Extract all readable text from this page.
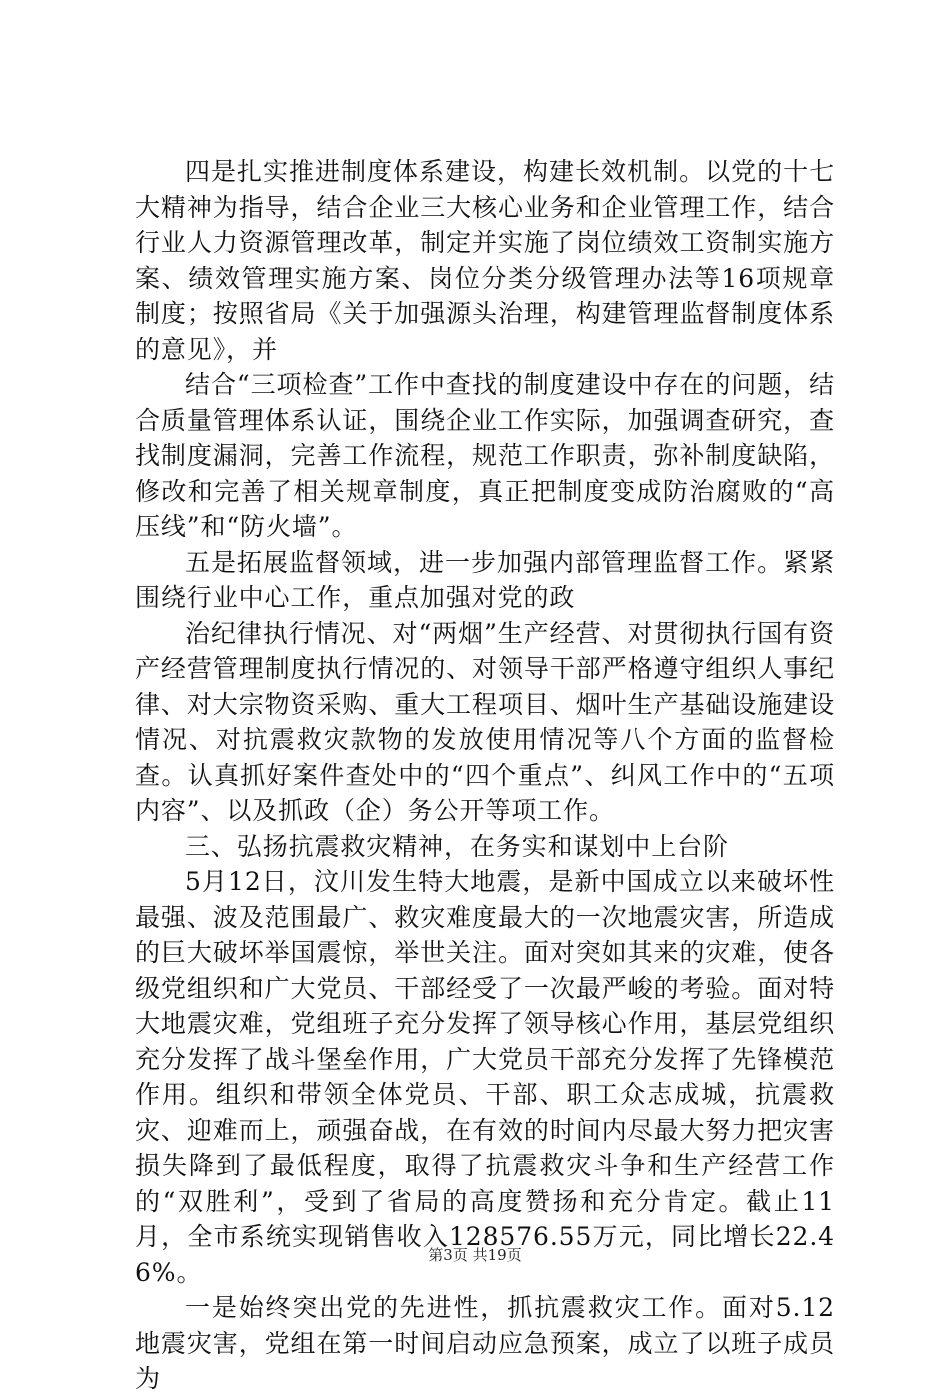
四是扎实推进制度体系建设，构建长效机制。以党的十七大精神为指导，结合企业三大核心业务和企业管理工作，结合行业人力资源管理改革，制定并实施了岗位绩效工资制实施方案、绩效管理实施方案、岗位分类分级管理办法等16项规章制度；按照省局《关于加强源头治理，构建管理监督制度体系的意见》，并

结合“三项检查”工作中查找的制度建设中存在的问题，结合质量管理体系认证，围绕企业工作实际，加强调查研究，查找制度漏洞，完善工作流程，规范工作职责，弥补制度缺陷，修改和完善了相关规章制度，真正把制度变成防治腐败的“高压线”和“防火墙”。

五是拓展监督领域，进一步加强内部管理监督工作。紧紧围绕行业中心工作，重点加强对党的政

治纪律执行情况、对“两烟”生产经营、对贯彻执行国有资产经营管理制度执行情况的、对领导干部严格遵守组织人事纪律、对大宗物资采购、重大工程项目、烟叶生产基础设施建设情况、对抗震救灾款物的发放使用情况等八个方面的监督检查。认真抓好案件查处中的“四个重点”、纠风工作中的“五项内容”、以及抓政（企）务公开等项工作。

三、弘扬抗震救灾精神，在务实和谋划中上台阶

5月12日，汶川发生特大地震，是新中国成立以来破坏性最强、波及范围最广、救灾难度最大的一次地震灾害，所造成的巨大破坏举国震惊，举世关注。面对突如其来的灾难，使各级党组织和广大党员、干部经受了一次最严峻的考验。面对特大地震灾难，党组班子充分发挥了领导核心作用，基层党组织充分发挥了战斗堡垒作用，广大党员干部充分发挥了先锋模范作用。组织和带领全体党员、干部、职工众志成城，抗震救灾、迎难而上，顽强奋战，在有效的时间内尽最大努力把灾害损失降到了最低程度，取得了抗震救灾斗争和生产经营工作的“双胜利”，受到了省局的高度赞扬和充分肯定。截止11月，全市系统实现销售收入128576.55万元，同比增长22.46%。

一是始终突出党的先进性，抓抗震救灾工作。面对5.12地震灾害，党组在第一时间启动应急预案，成立了以班子成员为

第3页 共19页
